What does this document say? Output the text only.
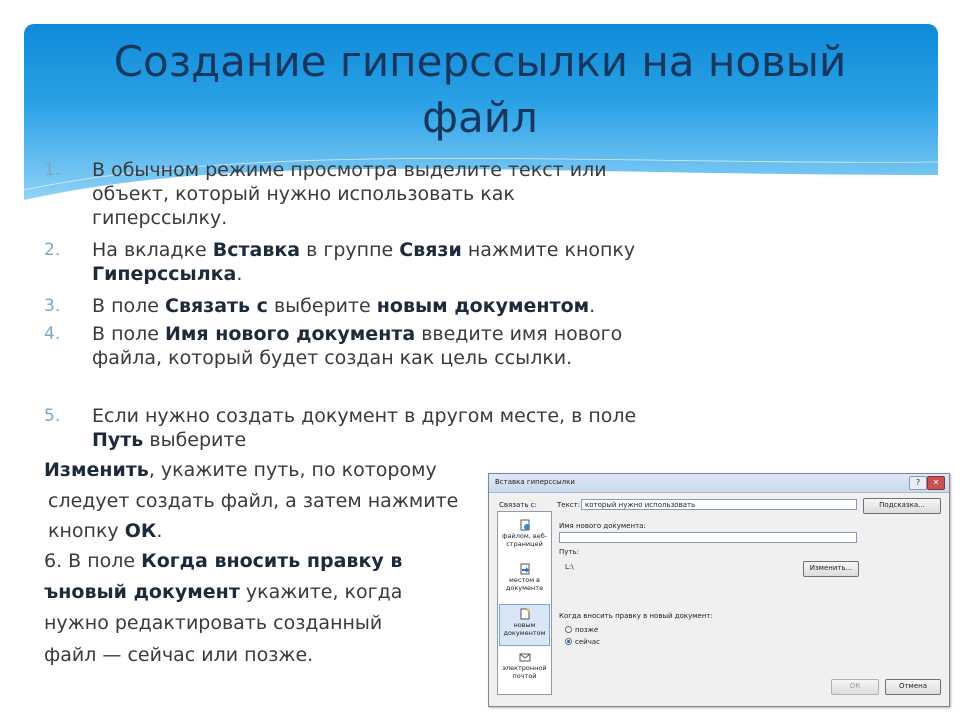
Создание гиперссылки на новый файл
1.	В обычном режиме просмотра выделите текст или объект, который нужно использовать как гиперссылку.
2.	На вкладке Вставка в группе Связи нажмите кнопку Гиперссылка.
3.	В поле Связать с выберите новым документом.
4.	В поле Имя нового документа введите имя нового файла, который будет создан как цель ссылки.
5.	Если нужно создать документ в другом месте, в поле Путь выберите
Изменить, укажите путь, по которому
следует создать файл, а затем нажмите
кнопку ОК.
6. В поле Когда вносить правку в
ъновый документ укажите, когда
нужно редактировать созданный
файл — сейчас или позже.
Вставка гиперссылки	?	✕
Связать с:	Текст: который нужно использовать	Подсказка...
файлом, веб-страницей
местом в документе
новым документом
электронной почтой
Имя нового документа:
Путь:
L:\	Изменить...
Когда вносить правку в новый документ:
позже
сейчас
ОК	Отмена
